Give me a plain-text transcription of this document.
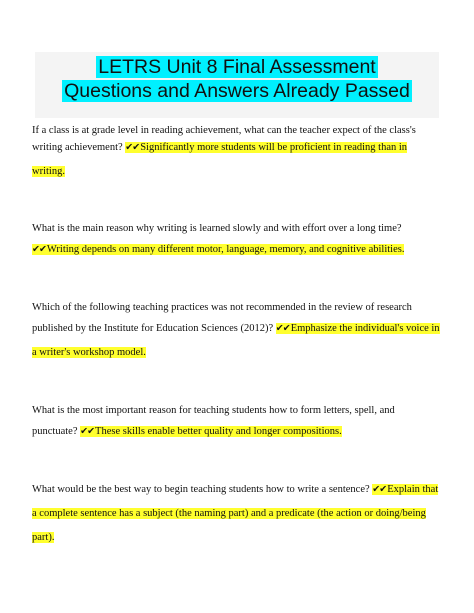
LETRS Unit 8 Final Assessment
Questions and Answers Already Passed
If a class is at grade level in reading achievement, what can the teacher expect of the class's
writing achievement? ✔✔Significantly more students will be proficient in reading than in
writing.
What is the main reason why writing is learned slowly and with effort over a long time?
✔✔Writing depends on many different motor, language, memory, and cognitive abilities.
Which of the following teaching practices was not recommended in the review of research
published by the Institute for Education Sciences (2012)? ✔✔Emphasize the individual's voice in
a writer's workshop model.
What is the most important reason for teaching students how to form letters, spell, and
punctuate? ✔✔These skills enable better quality and longer compositions.
What would be the best way to begin teaching students how to write a sentence? ✔✔Explain that
a complete sentence has a subject (the naming part) and a predicate (the action or doing/being
part).
